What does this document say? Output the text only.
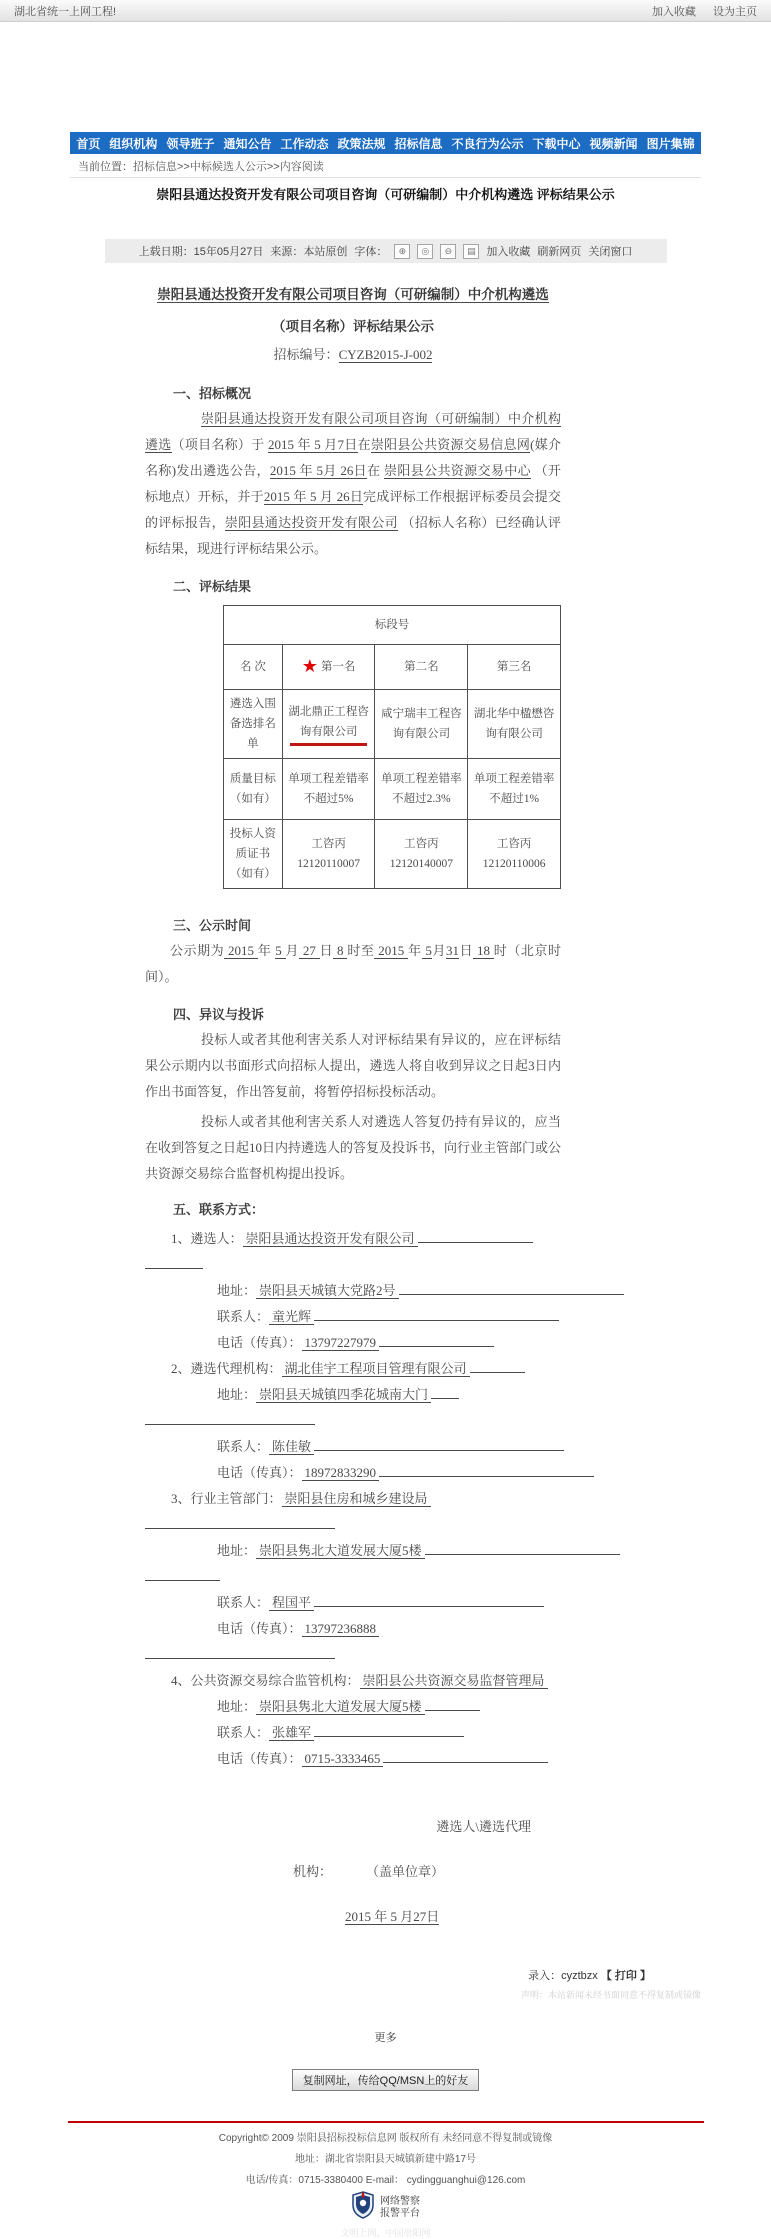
湖北省统一上网工程!	加入收藏 设为主页
首页 组织机构 领导班子 通知公告 工作动态 政策法规 招标信息 不良行为公示 下载中心 视频新闻 图片集锦
当前位置：招标信息>>中标候选人公示>>内容阅读
崇阳县通达投资开发有限公司项目咨询（可研编制）中介机构遴选 评标结果公示
上载日期：15年05月27日 来源：本站原创 字体：	⊕	◎	⊖	▤ 加入收藏 刷新网页 关闭窗口
崇阳县通达投资开发有限公司项目咨询（可研编制）中介机构遴选
（项目名称）评标结果公示
招标编号：CYZB2015-J-002
一、招标概况

崇阳县通达投资开发有限公司项目咨询（可研编制）中介机构遴选（项目名称）于 2015 年 5 月7日在崇阳县公共资源交易信息网(媒介名称)发出遴选公告，2015 年 5月 26日在 崇阳县公共资源交易中心 （开标地点）开标，并于2015 年 5 月 26日完成评标工作根据评标委员会提交的评标报告，崇阳县通达投资开发有限公司 （招标人名称）已经确认评标结果，现进行评标结果公示。

二、评标结果
标段号			
名 次	★ 第一名	第二名	第三名
遴选入围备选排名单	湖北鼎正工程咨询有限公司	咸宁瑞丰工程咨询有限公司	湖北华中楹懋咨询有限公司
质量目标（如有）	单项工程差错率不超过5%	单项工程差错率不超过2.3%	单项工程差错率不超过1%
投标人资质证书（如有）	工咨丙12120110007	工咨丙12120140007	工咨丙12120110006
三、公示时间

公示期为 2015 年 5 月 27 日 8 时至 2015 年 5月31日 18 时（北京时间）。

四、异议与投诉

投标人或者其他利害关系人对评标结果有异议的，应在评标结果公示期内以书面形式向招标人提出，遴选人将自收到异议之日起3日内作出书面答复，作出答复前，将暂停招标投标活动。

投标人或者其他利害关系人对遴选人答复仍持有异议的，应当在收到答复之日起10日内持遴选人的答复及投诉书，向行业主管部门或公共资源交易综合监督机构提出投诉。

五、联系方式：
1、遴选人： 崇阳县通达投资开发有限公司
地址： 崇阳县天城镇大党路2号
联系人： 童光辉
电话（传真）： 13797227979
2、遴选代理机构： 湖北佳宇工程项目管理有限公司
地址： 崇阳县天城镇四季花城南大门
联系人： 陈佳敏
电话（传真）： 18972833290
3、行业主管部门： 崇阳县住房和城乡建设局
地址： 崇阳县隽北大道发展大厦5楼
联系人： 程国平
电话（传真）： 13797236888
4、公共资源交易综合监管机构： 崇阳县公共资源交易监督管理局
地址： 崇阳县隽北大道发展大厦5楼
联系人： 张雄军
电话（传真）： 0715-3333465
遴选人\遴选代理
机构：	（盖单位章）
2015 年 5 月27日
录入：cyztbzx 【 打印 】
声明：本站新闻未经书面同意不得复制或镜像
更多
复制网址，传给QQ/MSN上的好友
Copyright© 2009 崇阳县招标投标信息网 版权所有 未经同意不得复制或镜像
地址：湖北省崇阳县天城镇新建中路17号
电话/传真：0715-3380400 E-mail： cydingguanghui@126.com
网络警察
报警平台
文明上网，中国崇阳网
